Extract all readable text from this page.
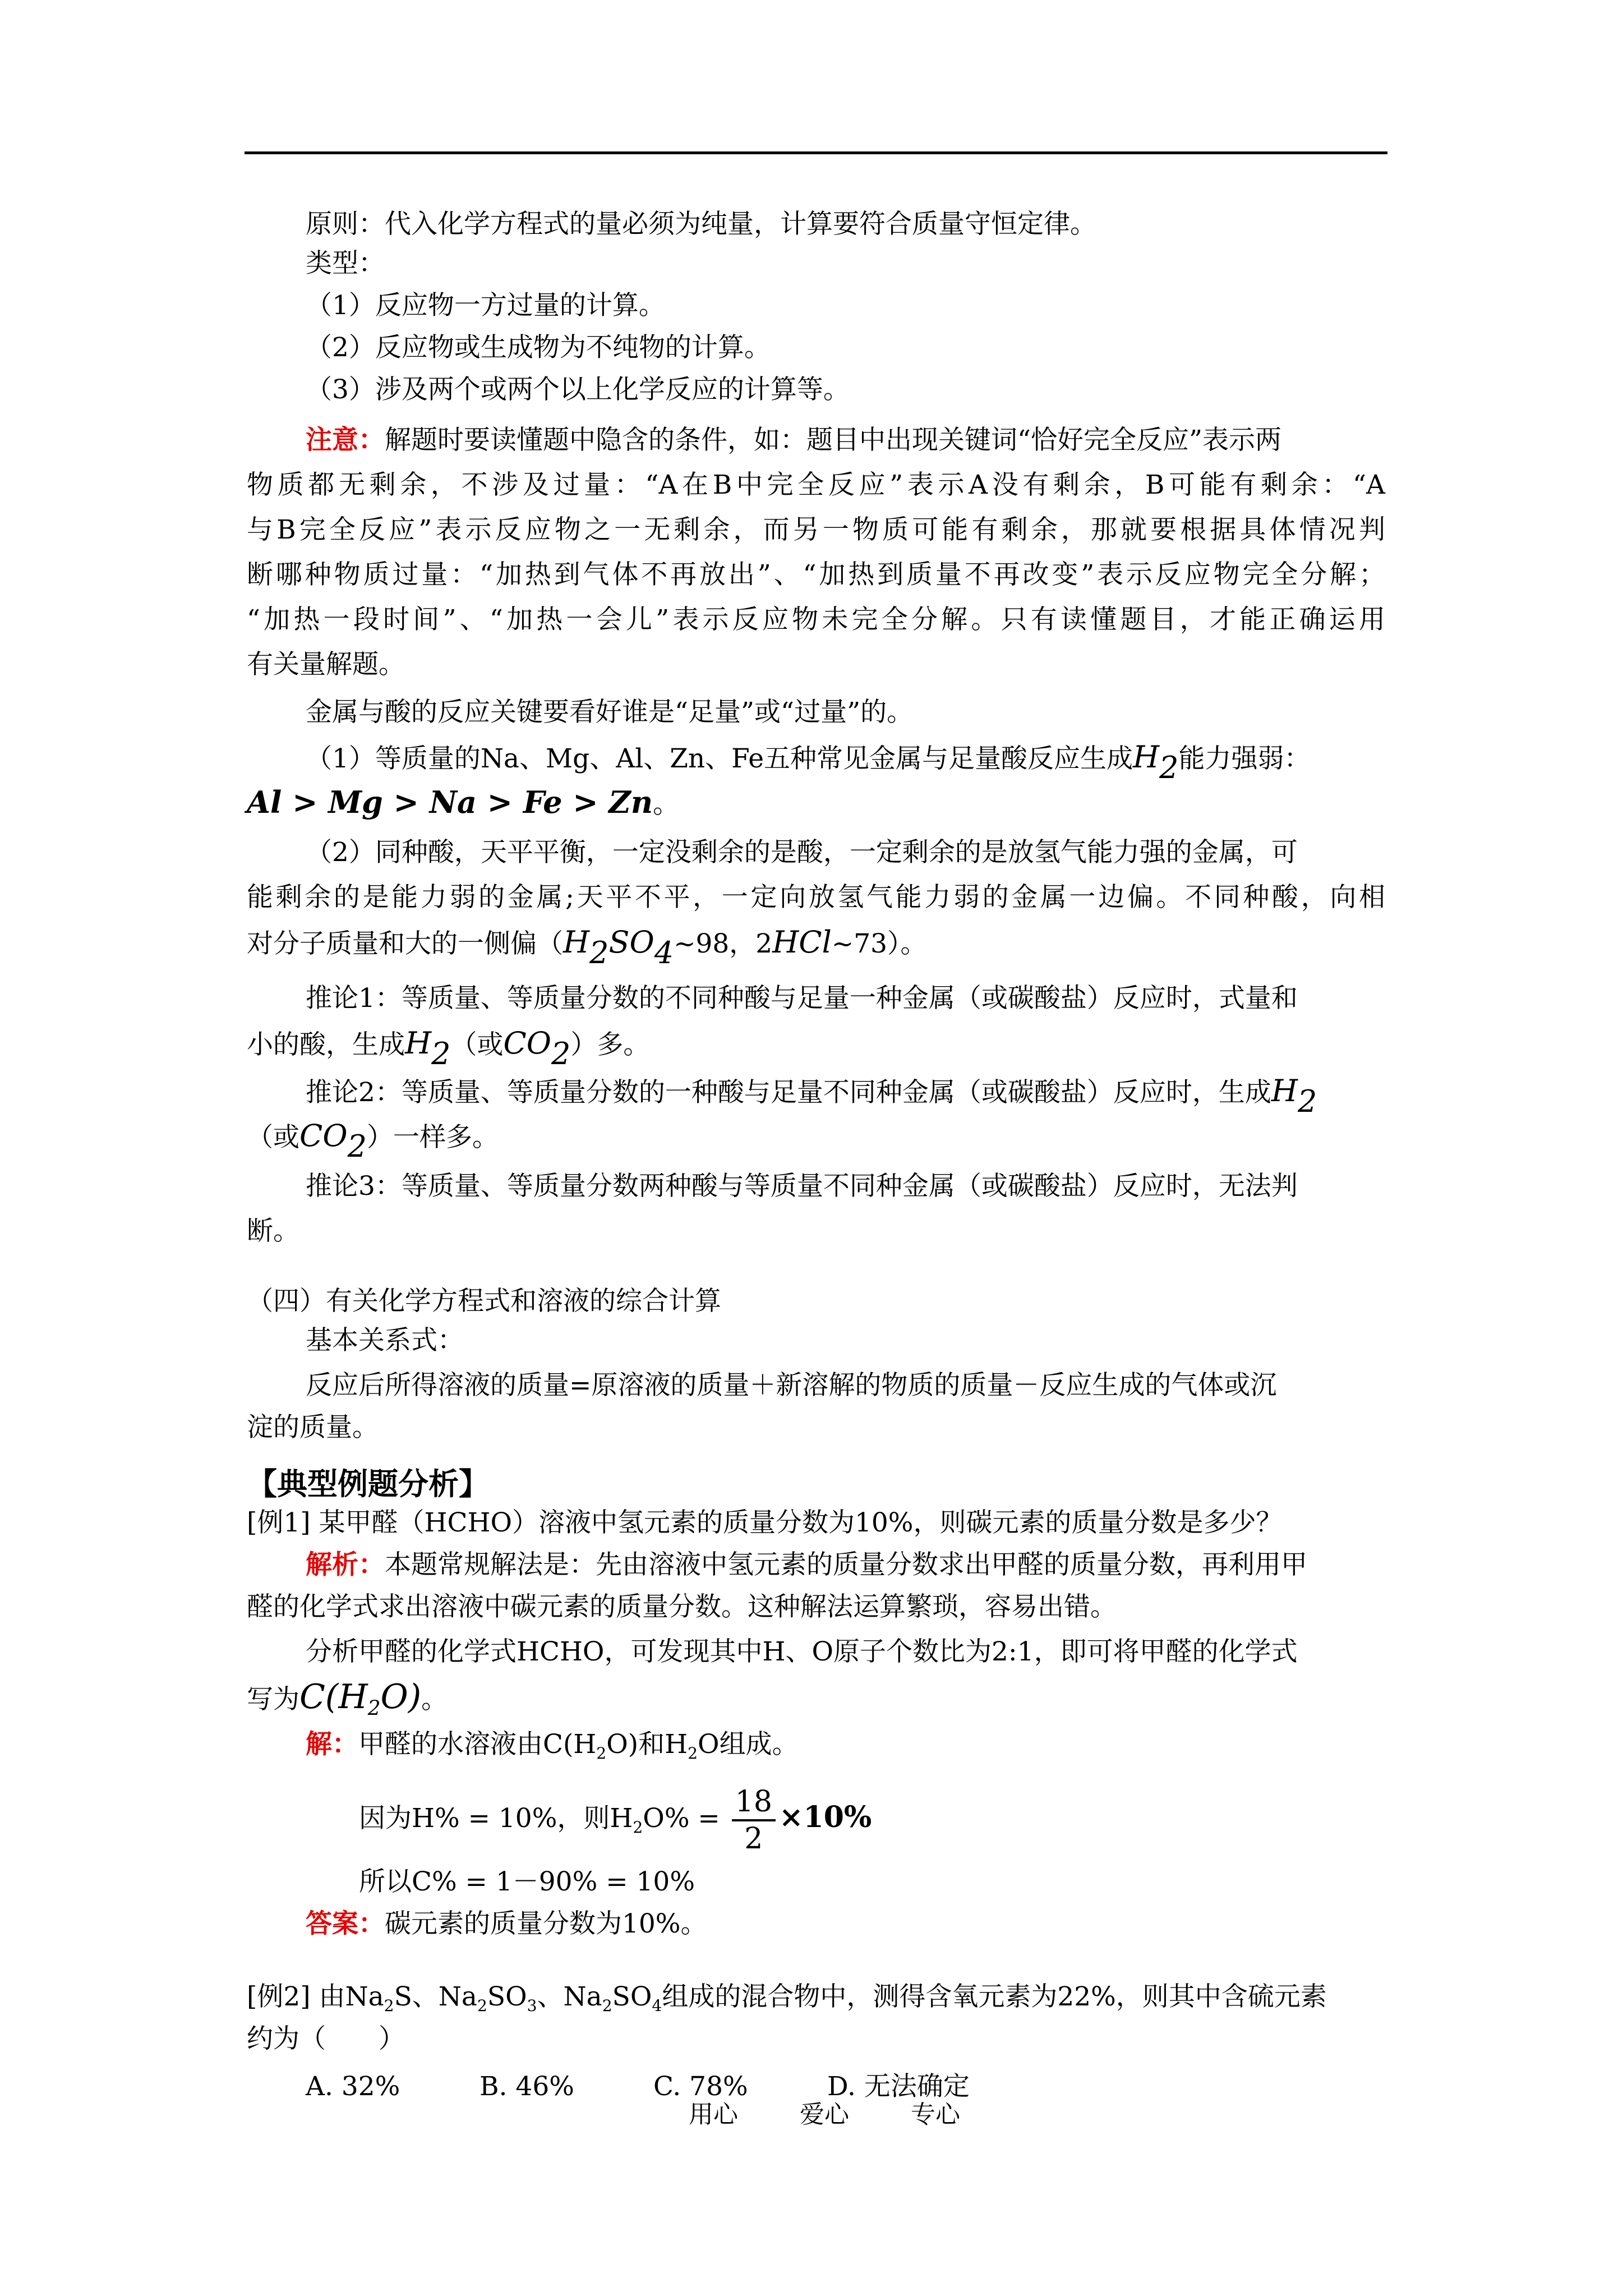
原则：代入化学方程式的量必须为纯量，计算要符合质量守恒定律。
类型：
（1）反应物一方过量的计算。
（2）反应物或生成物为不纯物的计算。
（3）涉及两个或两个以上化学反应的计算等。
注意：解题时要读懂题中隐含的条件，如：题目中出现关键词“恰好完全反应”表示两
物质都无剩余，不涉及过量：“A在B中完全反应”表示A没有剩余，B可能有剩余：“A
与B完全反应”表示反应物之一无剩余，而另一物质可能有剩余，那就要根据具体情况判
断哪种物质过量：“加热到气体不再放出”、“加热到质量不再改变”表示反应物完全分解；
“加热一段时间”、“加热一会儿”表示反应物未完全分解。只有读懂题目，才能正确运用
有关量解题。
金属与酸的反应关键要看好谁是“足量”或“过量”的。
（1）等质量的Na、Mg、Al、Zn、Fe五种常见金属与足量酸反应生成$H_2$能力强弱：
Al > Mg > Na > Fe > Zn。
（2）同种酸，天平平衡，一定没剩余的是酸，一定剩余的是放氢气能力强的金属，可
能剩余的是能力弱的金属;天平不平，一定向放氢气能力弱的金属一边偏。不同种酸，向相
对分子质量和大的一侧偏（$H_2SO_4\sim 98$，2HCl~73）。
推论1：等质量、等质量分数的不同种酸与足量一种金属（或碳酸盐）反应时，式量和
小的酸，生成$H_2$（或$CO_2$）多。
推论2：等质量、等质量分数的一种酸与足量不同种金属（或碳酸盐）反应时，生成$H_2$
（或$CO_2$）一样多。
推论3：等质量、等质量分数两种酸与等质量不同种金属（或碳酸盐）反应时，无法判
断。
（四）有关化学方程式和溶液的综合计算
基本关系式：
反应后所得溶液的质量=原溶液的质量＋新溶解的物质的质量－反应生成的气体或沉
淀的质量。
【典型例题分析】
[例1] 某甲醛（HCHO）溶液中氢元素的质量分数为10%，则碳元素的质量分数是多少？
解析：本题常规解法是：先由溶液中氢元素的质量分数求出甲醛的质量分数，再利用甲
醛的化学式求出溶液中碳元素的质量分数。这种解法运算繁琐，容易出错。
分析甲醛的化学式HCHO，可发现其中H、O原子个数比为2:1，即可将甲醛的化学式
写为$C(H_2O)$。
解：甲醛的水溶液由$C(H_2O)$和$H_2O$组成。
因为H% = 10%，则$H_2O\% = \frac{18}{2} \times 10\%$
所以C% = 1－90% = 10%
答案：碳元素的质量分数为10%。
[例2] 由$Na_2S$、$Na_2SO_3$、$Na_2SO_4$组成的混合物中，测得含氧元素为22%，则其中含硫元素
约为（　　）
A. 32%	B. 46%	C. 78%	D. 无法确定
用心	爱心	专心
